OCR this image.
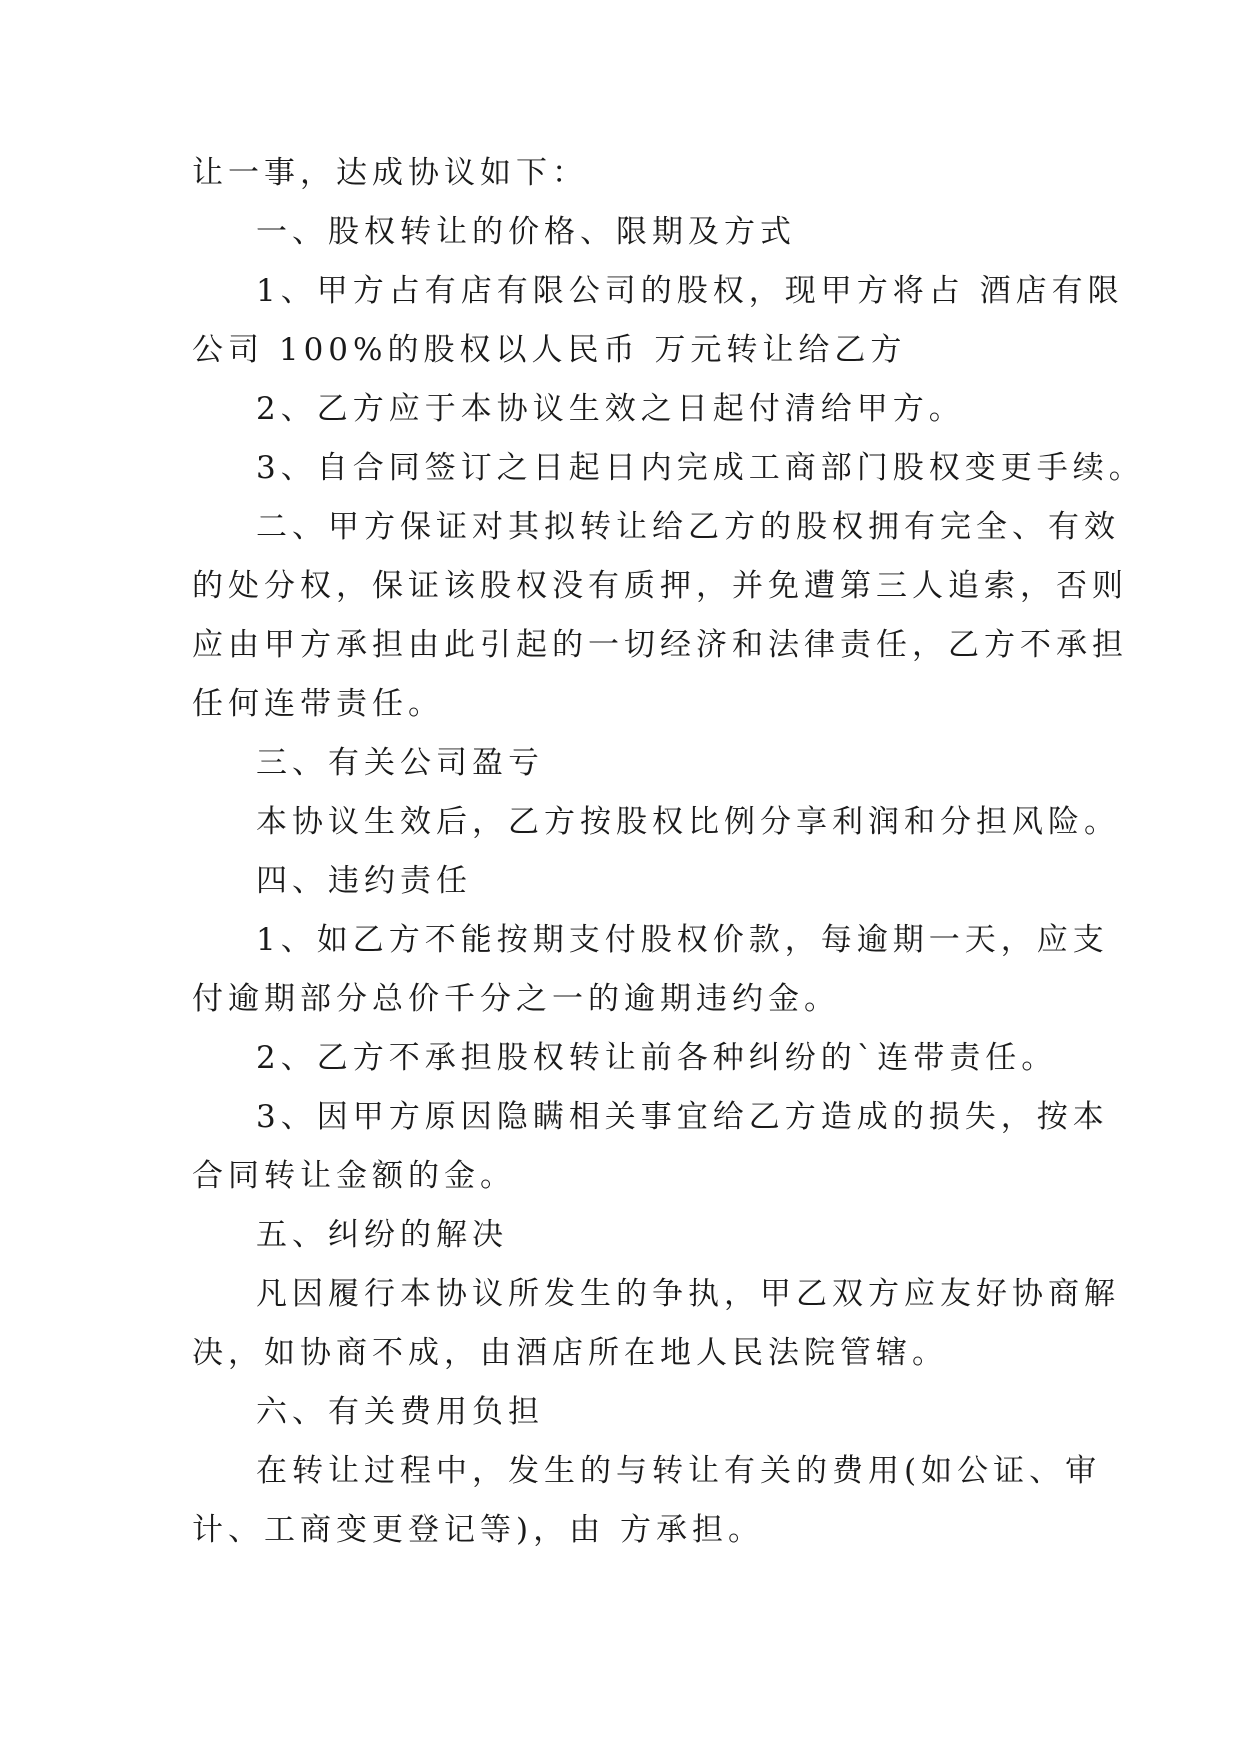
让一事，达成协议如下：
一、股权转让的价格、限期及方式
1、甲方占有店有限公司的股权，现甲方将占 酒店有限
公司 100%的股权以人民币 万元转让给乙方
2、乙方应于本协议生效之日起付清给甲方。
3、自合同签订之日起日内完成工商部门股权变更手续。
二、甲方保证对其拟转让给乙方的股权拥有完全、有效
的处分权，保证该股权没有质押，并免遭第三人追索，否则
应由甲方承担由此引起的一切经济和法律责任，乙方不承担
任何连带责任。
三、有关公司盈亏
本协议生效后，乙方按股权比例分享利润和分担风险。
四、违约责任
1、如乙方不能按期支付股权价款，每逾期一天，应支
付逾期部分总价千分之一的逾期违约金。
2、乙方不承担股权转让前各种纠纷的`连带责任。
3、因甲方原因隐瞒相关事宜给乙方造成的损失，按本
合同转让金额的金。
五、纠纷的解决
凡因履行本协议所发生的争执，甲乙双方应友好协商解
决，如协商不成，由酒店所在地人民法院管辖。
六、有关费用负担
在转让过程中，发生的与转让有关的费用(如公证、审
计、工商变更登记等)，由 方承担。
